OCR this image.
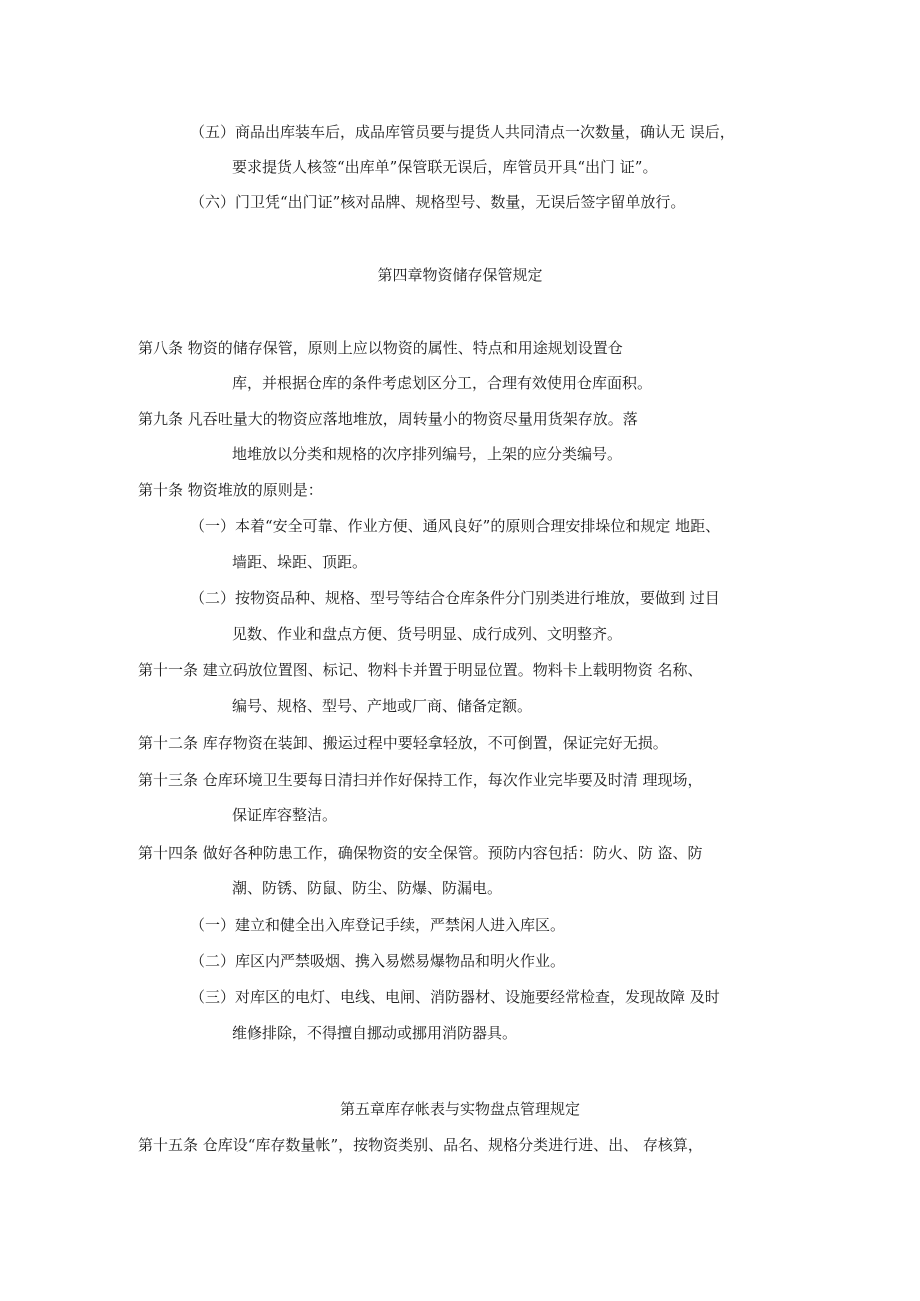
（五）商品出库装车后，成品库管员要与提货人共同清点一次数量，确认无 误后，
要求提货人核签“出库单”保管联无误后，库管员开具“出门 证”。
（六）门卫凭“出门证”核对品牌、规格型号、数量，无误后签字留单放行。
第四章物资储存保管规定
第八条 物资的储存保管，原则上应以物资的属性、特点和用途规划设置仓
库，并根据仓库的条件考虑划区分工，合理有效使用仓库面积。
第九条 凡吞吐量大的物资应落地堆放，周转量小的物资尽量用货架存放。落
地堆放以分类和规格的次序排列编号，上架的应分类编号。
第十条 物资堆放的原则是：
（一）本着“安全可靠、作业方便、通风良好”的原则合理安排垛位和规定 地距、
墙距、垛距、顶距。
（二）按物资品种、规格、型号等结合仓库条件分门别类进行堆放，要做到 过目
见数、作业和盘点方便、货号明显、成行成列、文明整齐。
第十一条 建立码放位置图、标记、物料卡并置于明显位置。物料卡上载明物资 名称、
编号、规格、型号、产地或厂商、储备定额。
第十二条 库存物资在装卸、搬运过程中要轻拿轻放，不可倒置，保证完好无损。
第十三条 仓库环境卫生要每日清扫并作好保持工作，每次作业完毕要及时清 理现场，
保证库容整洁。
第十四条 做好各种防患工作，确保物资的安全保管。预防内容包括：防火、防 盗、防
潮、防锈、防鼠、防尘、防爆、防漏电。
（一）建立和健全出入库登记手续，严禁闲人进入库区。
（二）库区内严禁吸烟、携入易燃易爆物品和明火作业。
（三）对库区的电灯、电线、电闸、消防器材、设施要经常检查，发现故障 及时
维修排除，不得擅自挪动或挪用消防器具。
第五章库存帐表与实物盘点管理规定
第十五条 仓库设“库存数量帐”，按物资类别、品名、规格分类进行进、出、 存核算，
